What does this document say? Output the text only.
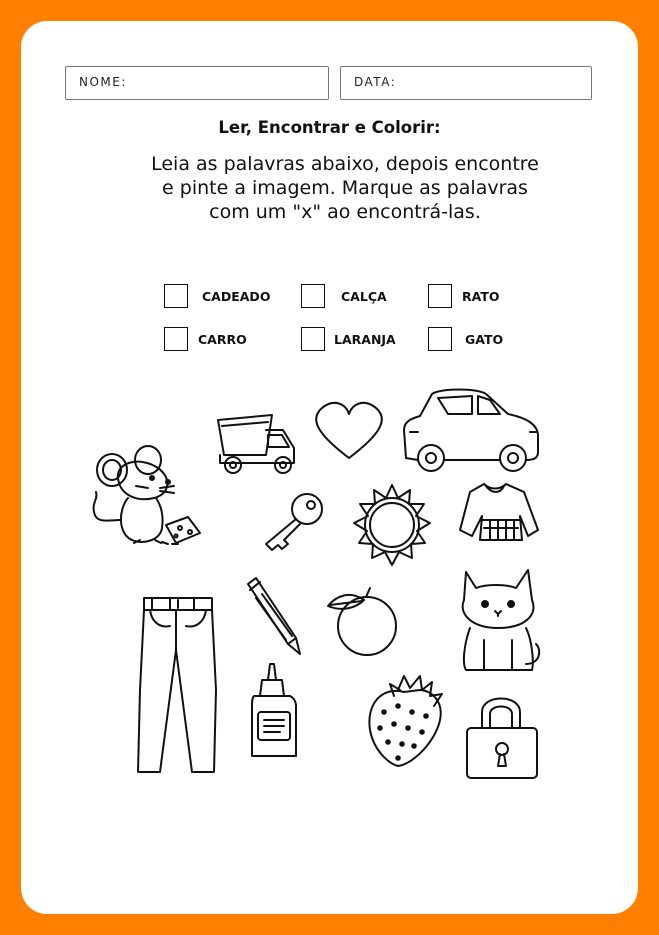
NOME:	DATA:
Ler, Encontrar e Colorir:
Leia as palavras abaixo, depois encontre
e pinte a imagem. Marque as palavras
com um "x" ao encontrá-las.
CADEADO	CALÇA	RATO
CARRO	LARANJA	GATO
